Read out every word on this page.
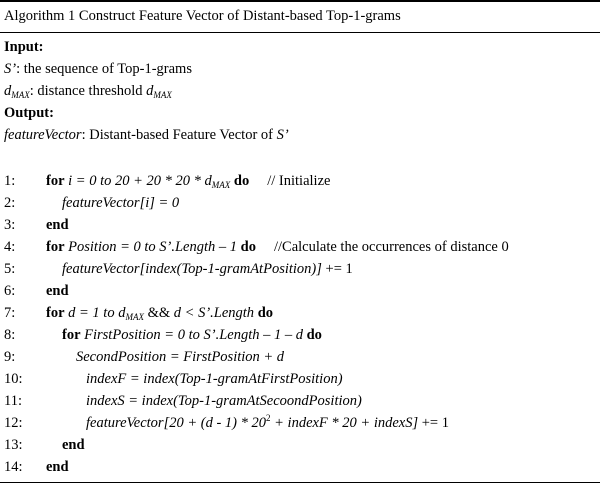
Algorithm 1 Construct Feature Vector of Distant-based Top-1-grams
Input:
S’: the sequence of Top-1-grams
$d_{MAX}$: distance threshold $d_{MAX}$
Output:
featureVector: Distant-based Feature Vector of S’
1: for i = 0 to $20 + 20 * 20 * d_{MAX}$ do // Initialize
2:	featureVector[i] = 0
3: end
4: for Position = 0 to S’.Length – 1 do //Calculate the occurrences of distance 0
5:	featureVector[index(Top-1-gramAtPosition)] += 1
6: end
7: for d = 1 to $d_{MAX}$ && d < S’.Length do
8:	for FirstPosition = 0 to S’.Length – 1 – d do
9:	SecondPosition = FirstPosition + d
10:	indexF = index(Top-1-gramAtFirstPosition)
11:	indexS = index(Top-1-gramAtSecoondPosition)
12:	featureVector[20 + $(d - 1) * 20^2$ + indexF * 20 + indexS] += 1
13:	end
14: end
